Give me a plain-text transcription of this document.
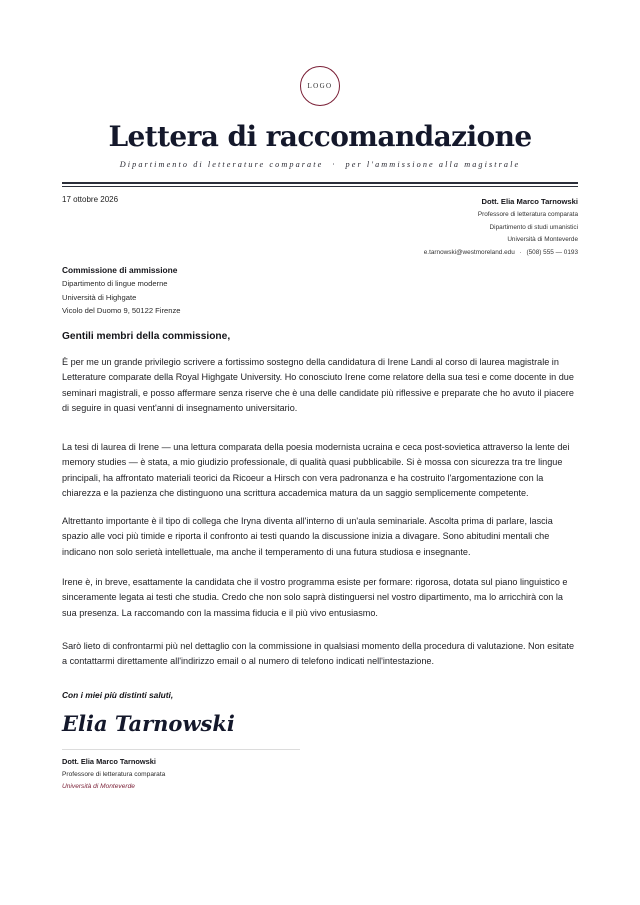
LOGO
Lettera di raccomandazione
Dipartimento di letterature comparate · per l'ammissione alla magistrale
17 ottobre 2026	Dott. Elia Marco Tarnowski
Professore di letteratura comparata
Dipartimento di studi umanistici
Università di Monteverde
e.tarnowski@westmoreland.edu · (508) 555 — 0193
Commissione di ammissione
Dipartimento di lingue moderne
Università di Highgate
Vicolo del Duomo 9, 50122 Firenze
Gentili membri della commissione,

È per me un grande privilegio scrivere a fortissimo sostegno della candidatura di Irene Landi al corso di laurea magistrale in Letterature comparate della Royal Highgate University. Ho conosciuto Irene come relatore della sua tesi e come docente in due seminari magistrali, e posso affermare senza riserve che è una delle candidate più riflessive e preparate che ho avuto il piacere di seguire in quasi vent'anni di insegnamento universitario.

La tesi di laurea di Irene — una lettura comparata della poesia modernista ucraina e ceca post-sovietica attraverso la lente dei memory studies — è stata, a mio giudizio professionale, di qualità quasi pubblicabile. Si è mossa con sicurezza tra tre lingue principali, ha affrontato materiali teorici da Ricoeur a Hirsch con vera padronanza e ha costruito l'argomentazione con la chiarezza e la pazienza che distinguono una scrittura accademica matura da un saggio semplicemente competente.

Altrettanto importante è il tipo di collega che Iryna diventa all'interno di un'aula seminariale. Ascolta prima di parlare, lascia spazio alle voci più timide e riporta il confronto ai testi quando la discussione inizia a divagare. Sono abitudini mentali che indicano non solo serietà intellettuale, ma anche il temperamento di una futura studiosa e insegnante.

Irene è, in breve, esattamente la candidata che il vostro programma esiste per formare: rigorosa, dotata sul piano linguistico e sinceramente legata ai testi che studia. Credo che non solo saprà distinguersi nel vostro dipartimento, ma lo arricchirà con la sua presenza. La raccomando con la massima fiducia e il più vivo entusiasmo.

Sarò lieto di confrontarmi più nel dettaglio con la commissione in qualsiasi momento della procedura di valutazione. Non esitate a contattarmi direttamente all'indirizzo email o al numero di telefono indicati nell'intestazione.

Con i miei più distinti saluti,
Elia Tarnowski
Dott. Elia Marco Tarnowski
Professore di letteratura comparata
Università di Monteverde
